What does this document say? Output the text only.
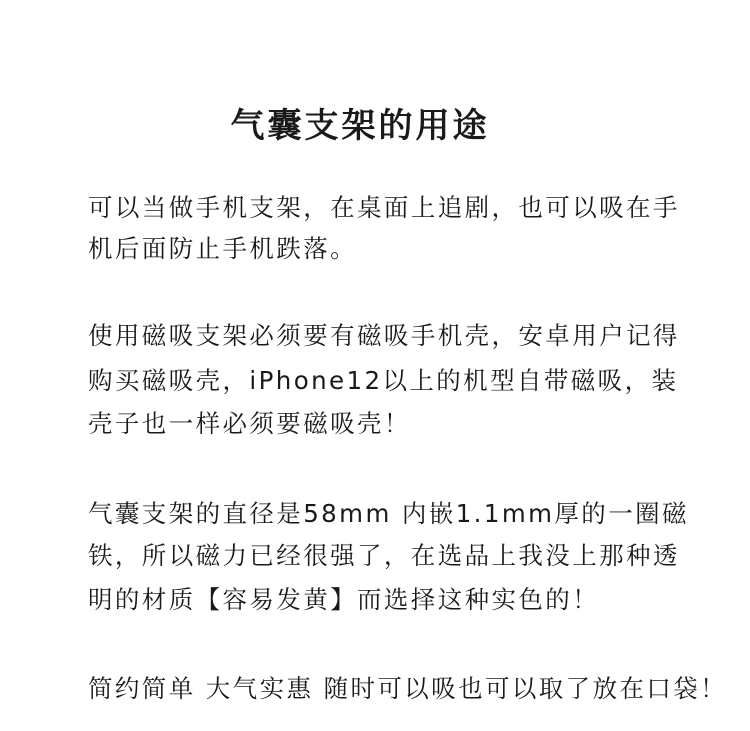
气囊支架的用途
可以当做手机支架，在桌面上追剧，也可以吸在手
机后面防止手机跌落。
使用磁吸支架必须要有磁吸手机壳，安卓用户记得
购买磁吸壳，iPhone12以上的机型自带磁吸，装
壳子也一样必须要磁吸壳！
气囊支架的直径是58mm 内嵌1.1mm厚的一圈磁
铁，所以磁力已经很强了，在选品上我没上那种透
明的材质【容易发黄】而选择这种实色的！
简约简单 大气实惠 随时可以吸也可以取了放在口袋！
